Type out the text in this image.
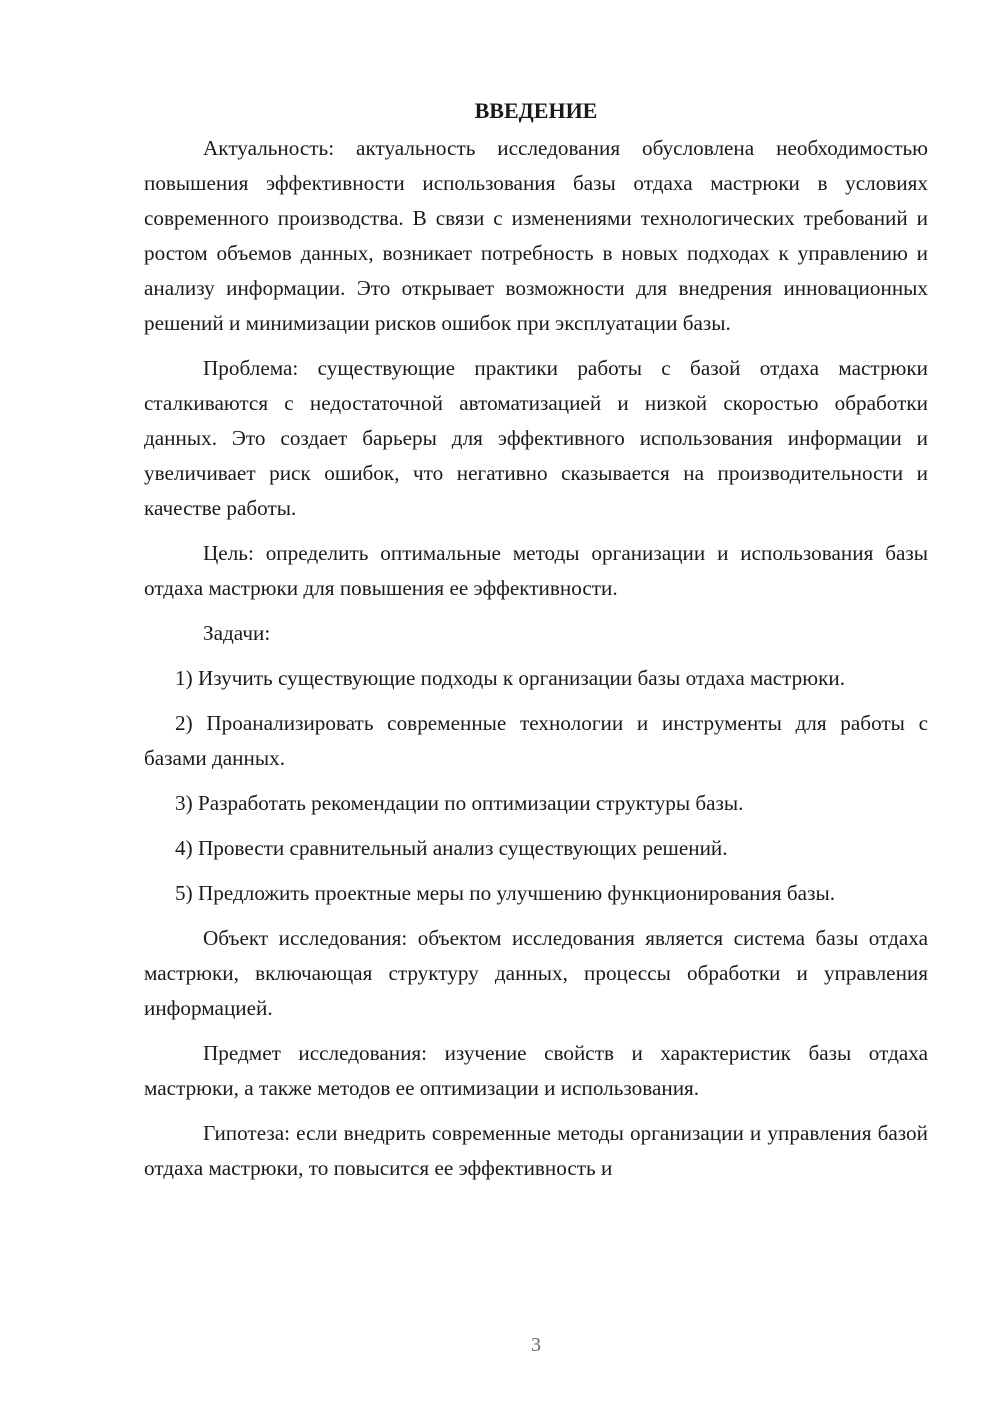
ВВЕДЕНИЕ

Актуальность: актуальность исследования обусловлена необходимостью повышения эффективности использования базы отдаха мастрюки в условиях современного производства. В связи с изменениями технологических требований и ростом объемов данных, возникает потребность в новых подходах к управлению и анализу информации. Это открывает возможности для внедрения инновационных решений и минимизации рисков ошибок при эксплуатации базы.

Проблема: существующие практики работы с базой отдаха мастрюки сталкиваются с недостаточной автоматизацией и низкой скоростью обработки данных. Это создает барьеры для эффективного использования информации и увеличивает риск ошибок, что негативно сказывается на производительности и качестве работы.

Цель: определить оптимальные методы организации и использования базы отдаха мастрюки для повышения ее эффективности.

Задачи:

1) Изучить существующие подходы к организации базы отдаха мастрюки.

2) Проанализировать современные технологии и инструменты для работы с базами данных.

3) Разработать рекомендации по оптимизации структуры базы.

4) Провести сравнительный анализ существующих решений.

5) Предложить проектные меры по улучшению функционирования базы.

Объект исследования: объектом исследования является система базы отдаха мастрюки, включающая структуру данных, процессы обработки и управления информацией.

Предмет исследования: изучение свойств и характеристик базы отдаха мастрюки, а также методов ее оптимизации и использования.

Гипотеза: если внедрить современные методы организации и управления базой отдаха мастрюки, то повысится ее эффективность и

3
